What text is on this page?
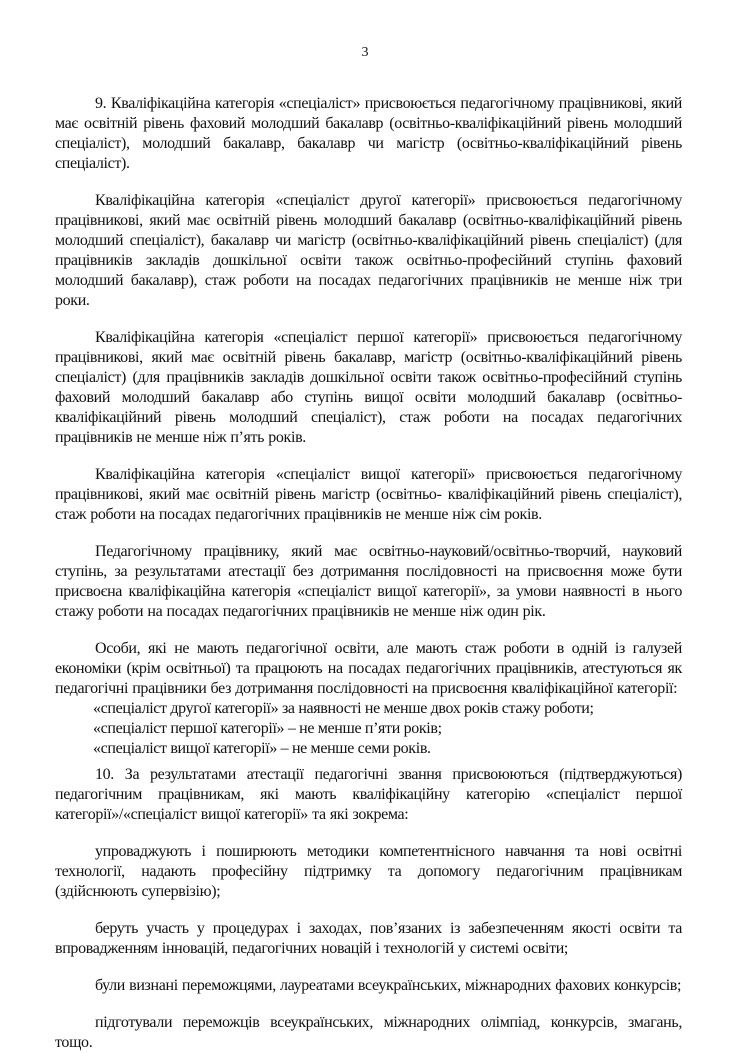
3

9. Кваліфікаційна категорія «спеціаліст» присвоюється педагогічному працівникові, який має освітній рівень фаховий молодший бакалавр (освітньо-кваліфікаційний рівень молодший спеціаліст), молодший бакалавр, бакалавр чи магістр (освітньо-кваліфікаційний рівень спеціаліст).

Кваліфікаційна категорія «спеціаліст другої категорії» присвоюється педагогічному працівникові, який має освітній рівень молодший бакалавр (освітньо-кваліфікаційний рівень молодший спеціаліст), бакалавр чи магістр (освітньо-кваліфікаційний рівень спеціаліст) (для працівників закладів дошкільної освіти також освітньо-професійний ступінь фаховий молодший бакалавр), стаж роботи на посадах педагогічних працівників не менше ніж три роки.

Кваліфікаційна категорія «спеціаліст першої категорії» присвоюється педагогічному працівникові, який має освітній рівень бакалавр, магістр (освітньо-кваліфікаційний рівень спеціаліст) (для працівників закладів дошкільної освіти також освітньо-професійний ступінь фаховий молодший бакалавр або ступінь вищої освіти молодший бакалавр (освітньо-кваліфікаційний рівень молодший спеціаліст), стаж роботи на посадах педагогічних працівників не менше ніж п’ять років.

Кваліфікаційна категорія «спеціаліст вищої категорії» присвоюється педагогічному працівникові, який має освітній рівень магістр (освітньо- кваліфікаційний рівень спеціаліст), стаж роботи на посадах педагогічних працівників не менше ніж сім років.

Педагогічному працівнику, який має освітньо-науковий/освітньо-творчий, науковий ступінь, за результатами атестації без дотримання послідовності на присвоєння може бути присвоєна кваліфікаційна категорія «спеціаліст вищої категорії», за умови наявності в нього стажу роботи на посадах педагогічних працівників не менше ніж один рік.

Особи, які не мають педагогічної освіти, але мають стаж роботи в одній із галузей економіки (крім освітньої) та працюють на посадах педагогічних працівників, атестуються як педагогічні працівники без дотримання послідовності на присвоєння кваліфікаційної категорії:

«спеціаліст другої категорії» за наявності не менше двох років стажу роботи;

«спеціаліст першої категорії» – не менше п’яти років;

«спеціаліст вищої категорії» – не менше семи років.

10. За результатами атестації педагогічні звання присвоюються (підтверджуються) педагогічним працівникам, які мають кваліфікаційну категорію «спеціаліст першої категорії»/«спеціаліст вищої категорії» та які зокрема:

упроваджують і поширюють методики компетентнісного навчання та нові освітні технології, надають професійну підтримку та допомогу педагогічним працівникам (здійснюють супервізію);

беруть участь у процедурах і заходах, пов’язаних із забезпеченням якості освіти та впровадженням інновацій, педагогічних новацій і технологій у системі освіти;

були визнані переможцями, лауреатами всеукраїнських, міжнародних фахових конкурсів;

підготували переможців всеукраїнських, міжнародних олімпіад, конкурсів, змагань, тощо.
